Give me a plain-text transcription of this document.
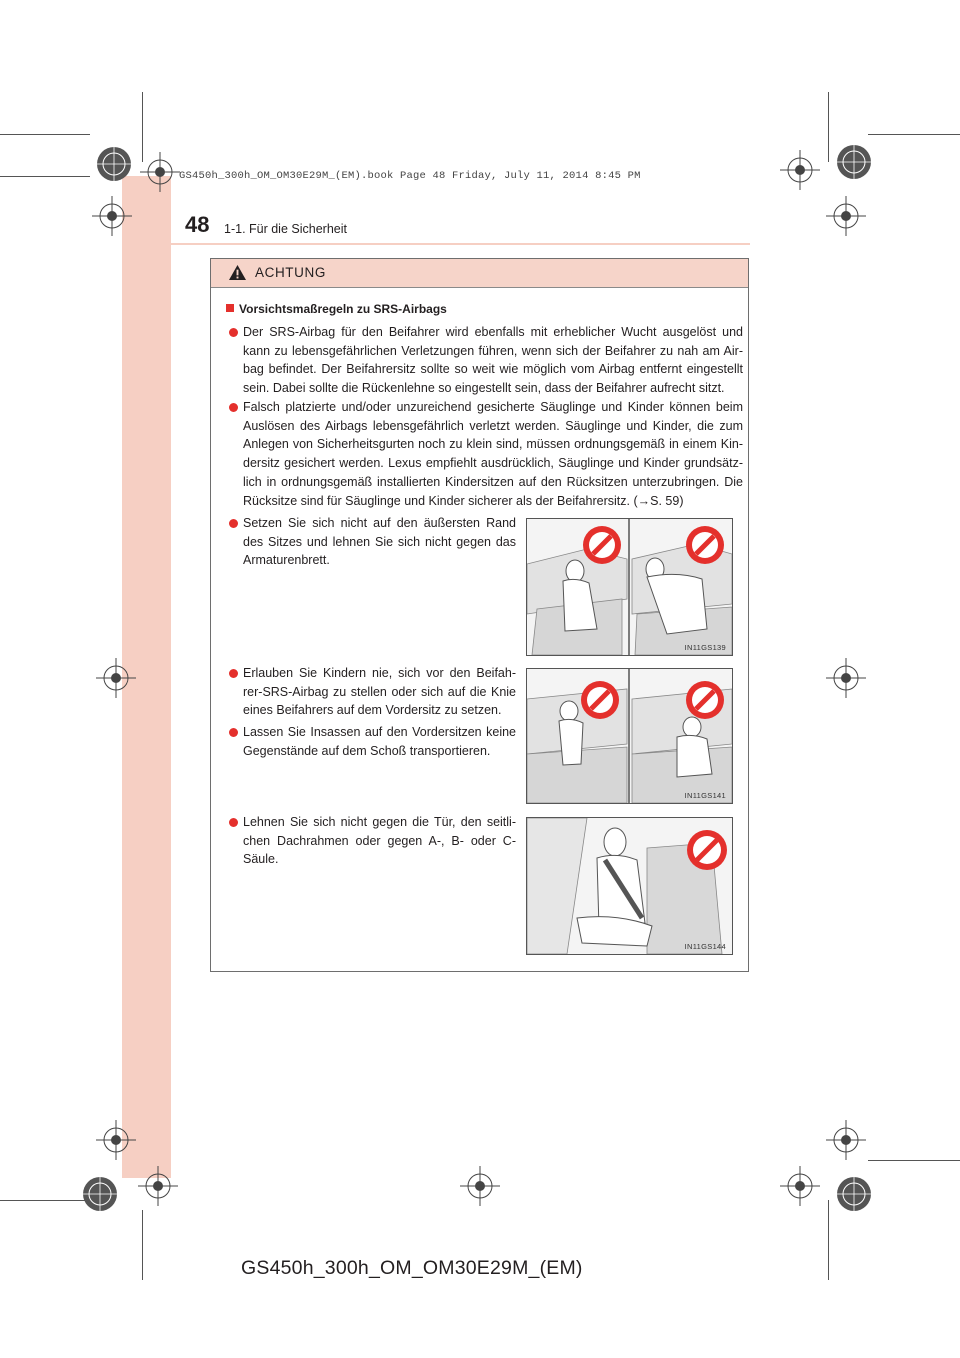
GS450h_300h_OM_OM30E29M_(EM).book Page 48 Friday, July 11, 2014 8:45 PM
48 1-1. Für die Sicherheit
ACHTUNG
Vorsichtsmaßregeln zu SRS-Airbags
Der SRS-Airbag für den Beifahrer wird ebenfalls mit erheblicher Wucht ausgelöst und
kann zu lebensgefährlichen Verletzungen führen, wenn sich der Beifahrer zu nah am Air-
bag befindet. Der Beifahrersitz sollte so weit wie möglich vom Airbag entfernt eingestellt
sein. Dabei sollte die Rückenlehne so eingestellt sein, dass der Beifahrer aufrecht sitzt.
Falsch platzierte und/oder unzureichend gesicherte Säuglinge und Kinder können beim
Auslösen des Airbags lebensgefährlich verletzt werden. Säuglinge und Kinder, die zum
Anlegen von Sicherheitsgurten noch zu klein sind, müssen ordnungsgemäß in einem Kin-
dersitz gesichert werden. Lexus empfiehlt ausdrücklich, Säuglinge und Kinder grundsätz-
lich in ordnungsgemäß installierten Kindersitzen auf den Rücksitzen unterzubringen. Die
Rücksitze sind für Säuglinge und Kinder sicherer als der Beifahrersitz. (→S. 59)
Setzen Sie sich nicht auf den äußersten Rand
des Sitzes und lehnen Sie sich nicht gegen das
Armaturenbrett.
Erlauben Sie Kindern nie, sich vor den Beifah-
rer-SRS-Airbag zu stellen oder sich auf die Knie
eines Beifahrers auf dem Vordersitz zu setzen.
Lassen Sie Insassen auf den Vordersitzen keine
Gegenstände auf dem Schoß transportieren.
Lehnen Sie sich nicht gegen die Tür, den seitli-
chen Dachrahmen oder gegen A-, B- oder C-
Säule.
IN11GS139
IN11GS141
IN11GS144
GS450h_300h_OM_OM30E29M_(EM)
